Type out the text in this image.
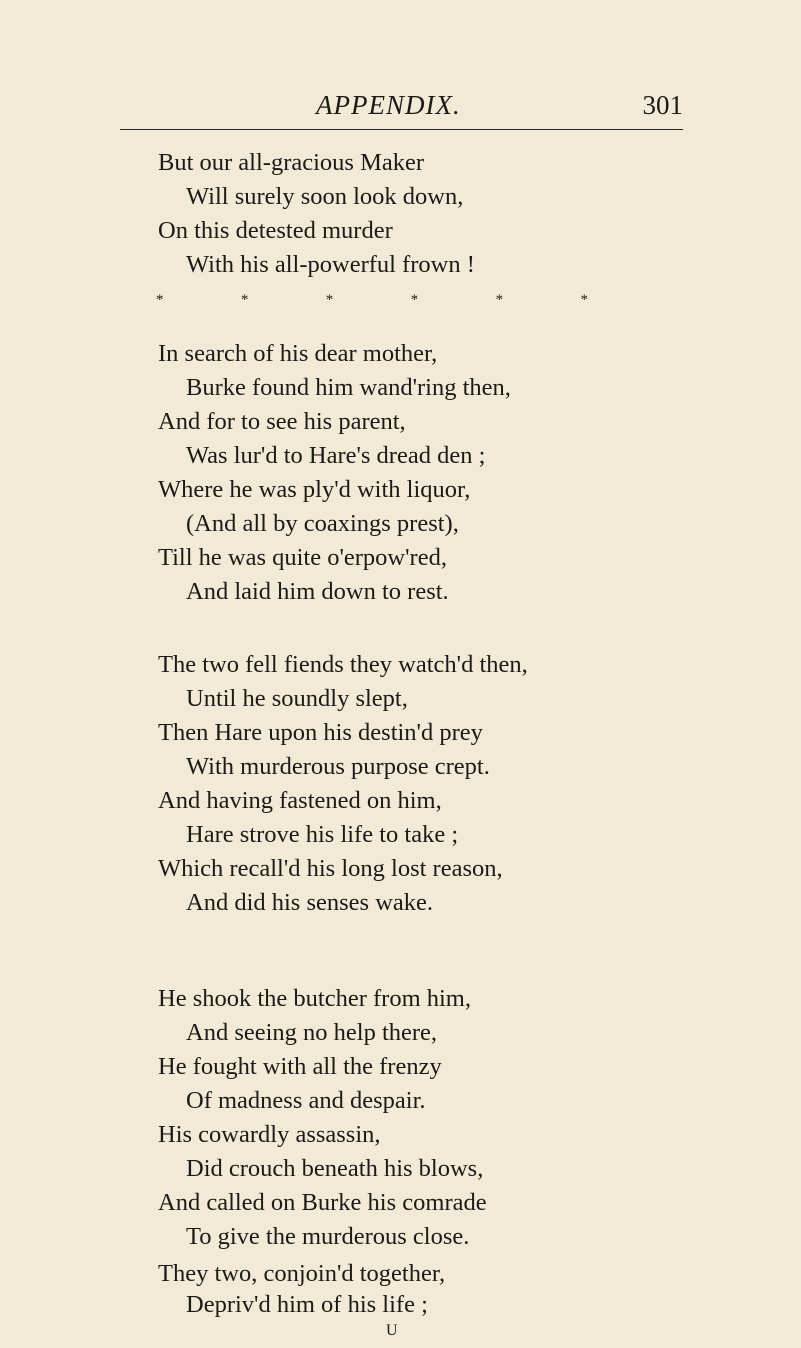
APPENDIX.	301
But our all-gracious Maker
Will surely soon look down,
On this detested murder
With his all-powerful frown !
*	*	*	*	*	*
In search of his dear mother,
Burke found him wand'ring then,
And for to see his parent,
Was lur'd to Hare's dread den ;
Where he was ply'd with liquor,
(And all by coaxings prest),
Till he was quite o'erpow'red,
And laid him down to rest.
The two fell fiends they watch'd then,
Until he soundly slept,
Then Hare upon his destin'd prey
With murderous purpose crept.
And having fastened on him,
Hare strove his life to take ;
Which recall'd his long lost reason,
And did his senses wake.
He shook the butcher from him,
And seeing no help there,
He fought with all the frenzy
Of madness and despair.
His cowardly assassin,
Did crouch beneath his blows,
And called on Burke his comrade
To give the murderous close.
They two, conjoin'd together,
Depriv'd him of his life ;
U
